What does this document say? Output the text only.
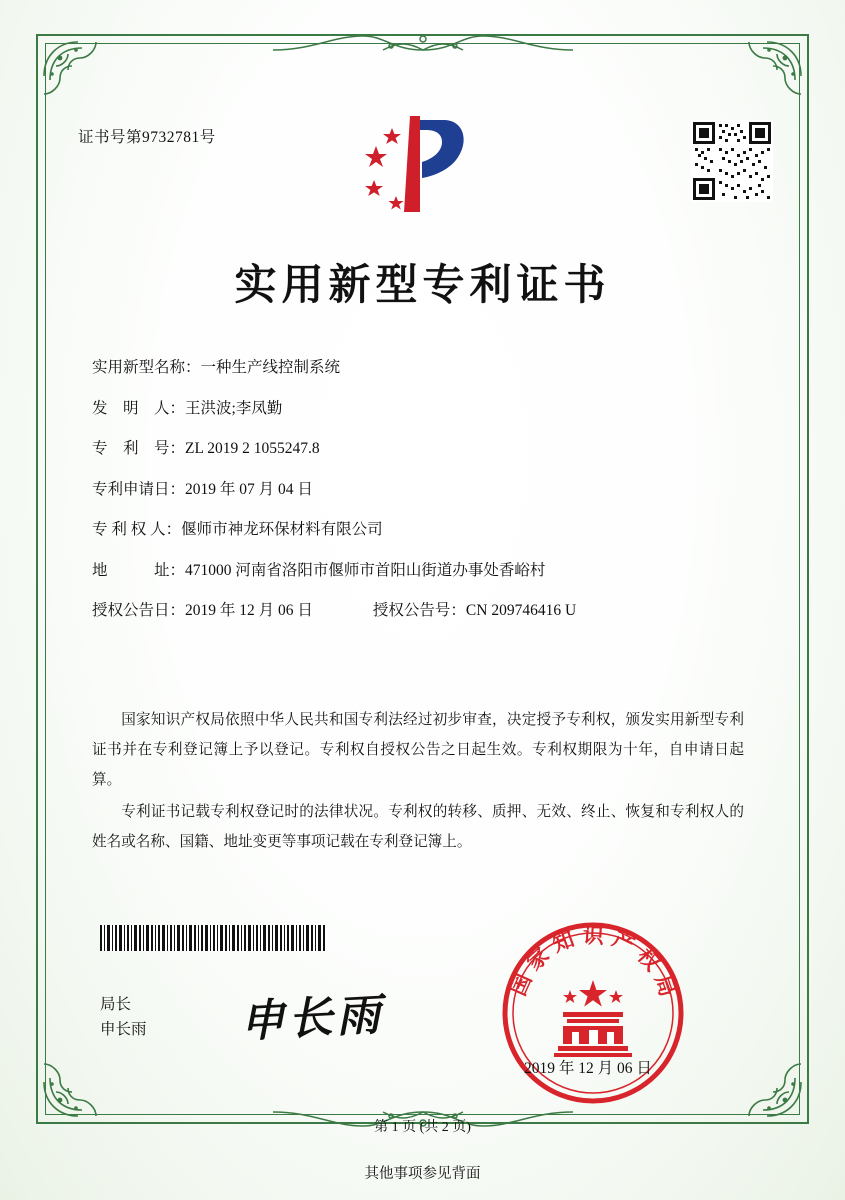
证书号第9732781号
实用新型专利证书
实用新型名称： 一种生产线控制系统
发　明　人： 王洪波;李凤勤
专　利　号： ZL 2019 2 1055247.8
专利申请日： 2019 年 07 月 04 日
专 利 权 人： 偃师市神龙环保材料有限公司
地　　　址： 471000 河南省洛阳市偃师市首阳山街道办事处香峪村
授权公告日： 2019 年 12 月 06 日	授权公告号： CN 209746416 U

国家知识产权局依照中华人民共和国专利法经过初步审查，决定授予专利权，颁发实用新型专利证书并在专利登记簿上予以登记。专利权自授权公告之日起生效。专利权期限为十年，自申请日起算。

专利证书记载专利权登记时的法律状况。专利权的转移、质押、无效、终止、恢复和专利权人的姓名或名称、国籍、地址变更等事项记载在专利登记簿上。

局长
申长雨 申长雨
国家知识产权局
2019 年 12 月 06 日
第 1 页 (共 2 页)
其他事项参见背面
